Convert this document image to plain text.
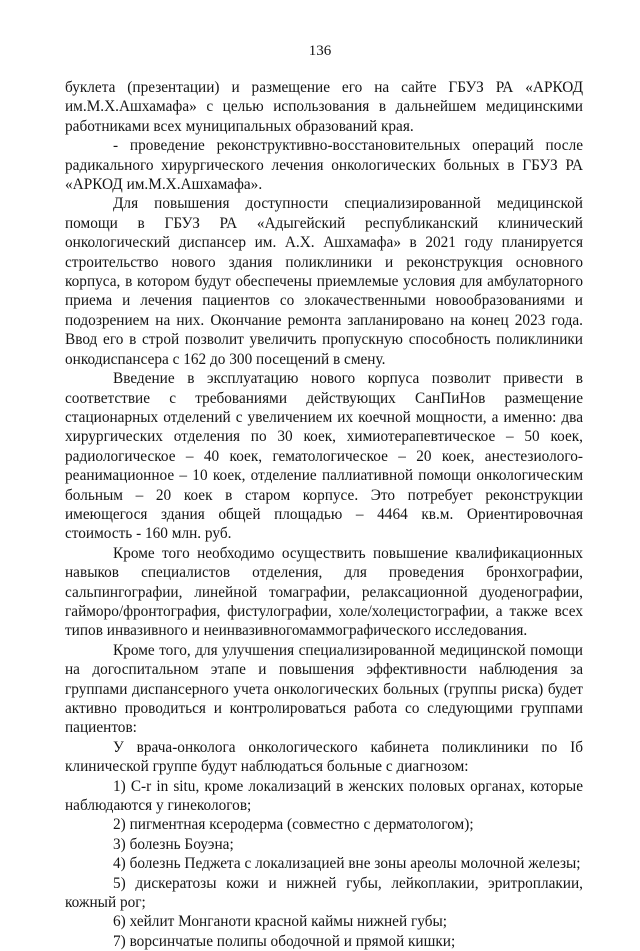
136

буклета (презентации) и размещение его на сайте ГБУЗ РА «АРКОД им.М.Х.Ашхамафа» с целью использования в дальнейшем медицинскими работниками всех муниципальных образований края.

- проведение реконструктивно-восстановительных операций после радикального хирургического лечения онкологических больных в ГБУЗ РА «АРКОД им.М.Х.Ашхамафа».

Для повышения доступности специализированной медицинской помощи в ГБУЗ РА «Адыгейский республиканский клинический онкологический диспансер им. А.Х. Ашхамафа» в 2021 году планируется строительство нового здания поликлиники и реконструкция основного корпуса, в котором будут обеспечены приемлемые условия для амбулаторного приема и лечения пациентов со злокачественными новообразованиями и подозрением на них. Окончание ремонта запланировано на конец 2023 года. Ввод его в строй позволит увеличить пропускную способность поликлиники онкодиспансера с 162 до 300 посещений в смену.

Введение в эксплуатацию нового корпуса позволит привести в соответствие с требованиями действующих СанПиНов размещение стационарных отделений с увеличением их коечной мощности, а именно: два хирургических отделения по 30 коек, химиотерапевтическое – 50 коек, радиологическое – 40 коек, гематологическое – 20 коек, анестезиолого-реанимационное – 10 коек, отделение паллиативной помощи онкологическим больным – 20 коек в старом корпусе. Это потребует реконструкции имеющегося здания общей площадью – 4464 кв.м. Ориентировочная стоимость - 160 млн. руб.

Кроме того необходимо осуществить повышение квалификационных навыков специалистов отделения, для проведения бронхографии, сальпингографии, линейной томаграфии, релаксационной дуоденографии, гайморо/фронтография, фистулографии, холе/холецистографии, а также всех типов инвазивного и неинвазивногомаммографического исследования.

Кроме того, для улучшения специализированной медицинской помощи на догоспитальном этапе и повышения эффективности наблюдения за группами диспансерного учета онкологических больных (группы риска) будет активно проводиться и контролироваться работа со следующими группами пациентов:

У врача-онколога онкологического кабинета поликлиники по Iб клинической группе будут наблюдаться больные с диагнозом:

1) C-r in situ, кроме локализаций в женских половых органах, которые наблюдаются у гинекологов;

2) пигментная ксеродерма (совместно с дерматологом);

3) болезнь Боуэна;

4) болезнь Педжета с локализацией вне зоны ареолы молочной железы;

5) дискератозы кожи и нижней губы, лейкоплакии, эритроплакии, кожный рог;

6) хейлит Монганоти красной каймы нижней губы;

7) ворсинчатые полипы ободочной и прямой кишки;
